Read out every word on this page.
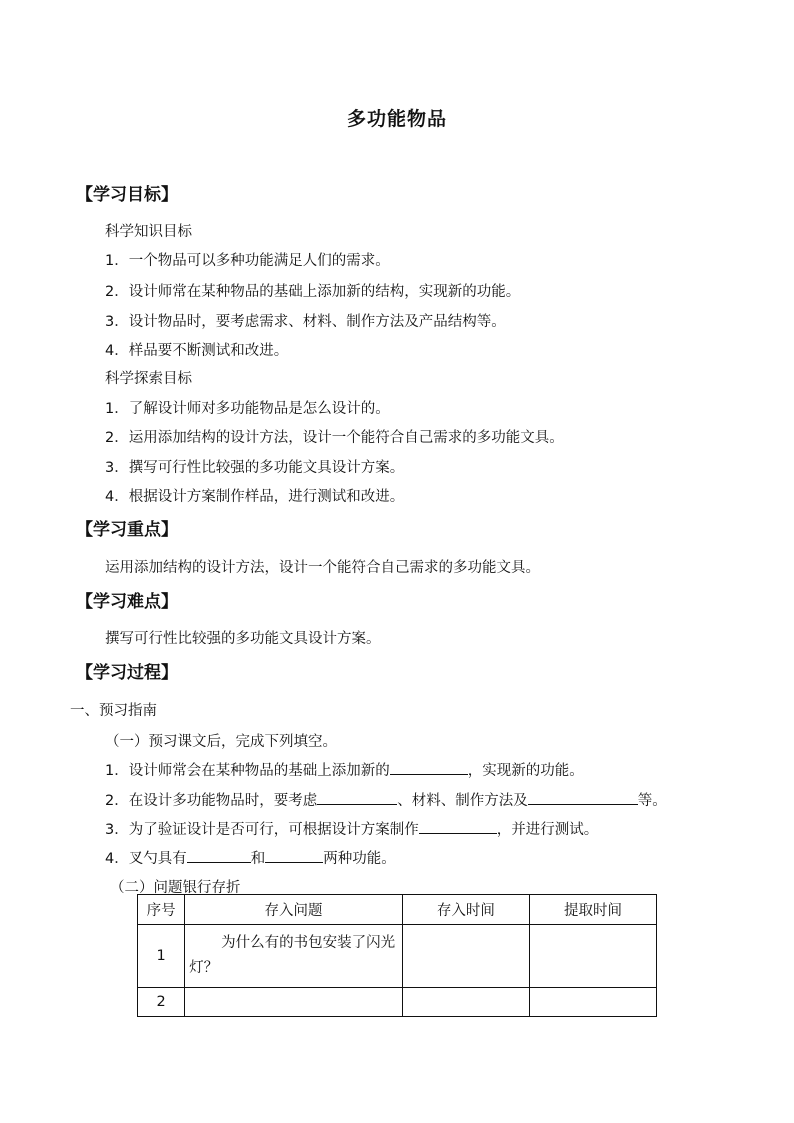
多功能物品
【学习目标】
科学知识目标
1．一个物品可以多种功能满足人们的需求。
2．设计师常在某种物品的基础上添加新的结构，实现新的功能。
3．设计物品时，要考虑需求、材料、制作方法及产品结构等。
4．样品要不断测试和改进。
科学探索目标
1．了解设计师对多功能物品是怎么设计的。
2．运用添加结构的设计方法，设计一个能符合自己需求的多功能文具。
3．撰写可行性比较强的多功能文具设计方案。
4．根据设计方案制作样品，进行测试和改进。
【学习重点】
运用添加结构的设计方法，设计一个能符合自己需求的多功能文具。
【学习难点】
撰写可行性比较强的多功能文具设计方案。
【学习过程】
一、预习指南
（一）预习课文后，完成下列填空。
1．设计师常会在某种物品的基础上添加新的	，实现新的功能。
2．在设计多功能物品时，要考虑	、材料、制作方法及	等。
3．为了验证设计是否可行，可根据设计方案制作	，并进行测试。
4．叉勺具有	和	两种功能。
（二）问题银行存折
序号	存入问题	存入时间	提取时间
1	为什么有的书包安装了闪光灯？		
2			
